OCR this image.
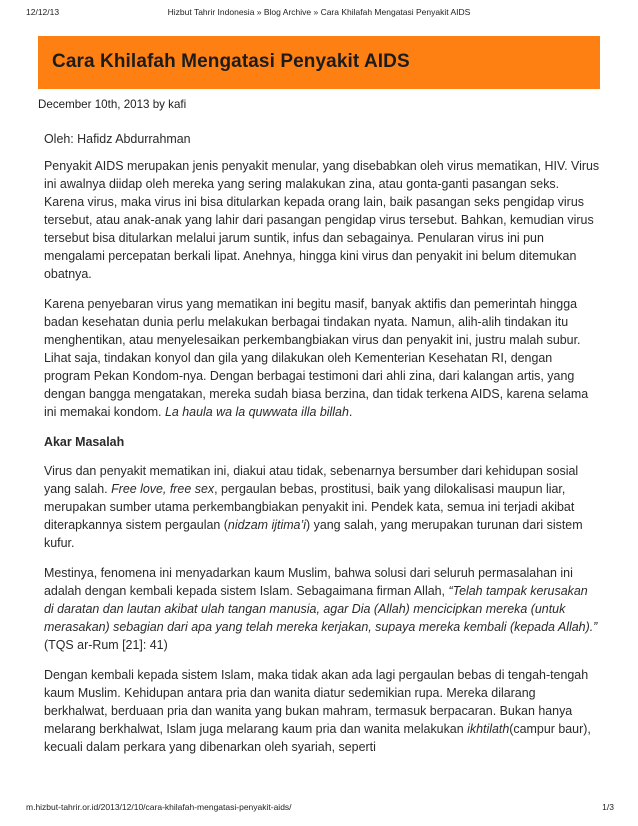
12/12/13	Hizbut Tahrir Indonesia » Blog Archive » Cara Khilafah Mengatasi Penyakit AIDS
Cara Khilafah Mengatasi Penyakit AIDS
December 10th, 2013 by kafi

Oleh: Hafidz Abdurrahman

Penyakit AIDS merupakan jenis penyakit menular, yang disebabkan oleh virus mematikan, HIV. Virus ini awalnya diidap oleh mereka yang sering malakukan zina, atau gonta-ganti pasangan seks. Karena virus, maka virus ini bisa ditularkan kepada orang lain, baik pasangan seks pengidap virus tersebut, atau anak-anak yang lahir dari pasangan pengidap virus tersebut. Bahkan, kemudian virus tersebut bisa ditularkan melalui jarum suntik, infus dan sebagainya. Penularan virus ini pun mengalami percepatan berkali lipat. Anehnya, hingga kini virus dan penyakit ini belum ditemukan obatnya.

Karena penyebaran virus yang mematikan ini begitu masif, banyak aktifis dan pemerintah hingga badan kesehatan dunia perlu melakukan berbagai tindakan nyata. Namun, alih-alih tindakan itu menghentikan, atau menyelesaikan perkembangbiakan virus dan penyakit ini, justru malah subur. Lihat saja, tindakan konyol dan gila yang dilakukan oleh Kementerian Kesehatan RI, dengan program Pekan Kondom-nya. Dengan berbagai testimoni dari ahli zina, dari kalangan artis, yang dengan bangga mengatakan, mereka sudah biasa berzina, dan tidak terkena AIDS, karena selama ini memakai kondom. La haula wa la quwwata illa billah.

Akar Masalah

Virus dan penyakit mematikan ini, diakui atau tidak, sebenarnya bersumber dari kehidupan sosial yang salah. Free love, free sex, pergaulan bebas, prostitusi, baik yang dilokalisasi maupun liar, merupakan sumber utama perkembangbiakan penyakit ini. Pendek kata, semua ini terjadi akibat diterapkannya sistem pergaulan (nidzam ijtima’i) yang salah, yang merupakan turunan dari sistem kufur.

Mestinya, fenomena ini menyadarkan kaum Muslim, bahwa solusi dari seluruh permasalahan ini adalah dengan kembali kepada sistem Islam. Sebagaimana firman Allah, “Telah tampak kerusakan di daratan dan lautan akibat ulah tangan manusia, agar Dia (Allah) mencicipkan mereka (untuk merasakan) sebagian dari apa yang telah mereka kerjakan, supaya mereka kembali (kepada Allah).” (TQS ar-Rum [21]: 41)

Dengan kembali kepada sistem Islam, maka tidak akan ada lagi pergaulan bebas di tengah-tengah kaum Muslim. Kehidupan antara pria dan wanita diatur sedemikian rupa. Mereka dilarang berkhalwat, berduaan pria dan wanita yang bukan mahram, termasuk berpacaran. Bukan hanya melarang berkhalwat, Islam juga melarang kaum pria dan wanita melakukan ikhtilath(campur baur), kecuali dalam perkara yang dibenarkan oleh syariah, seperti

m.hizbut-tahrir.or.id/2013/12/10/cara-khilafah-mengatasi-penyakit-aids/	1/3
